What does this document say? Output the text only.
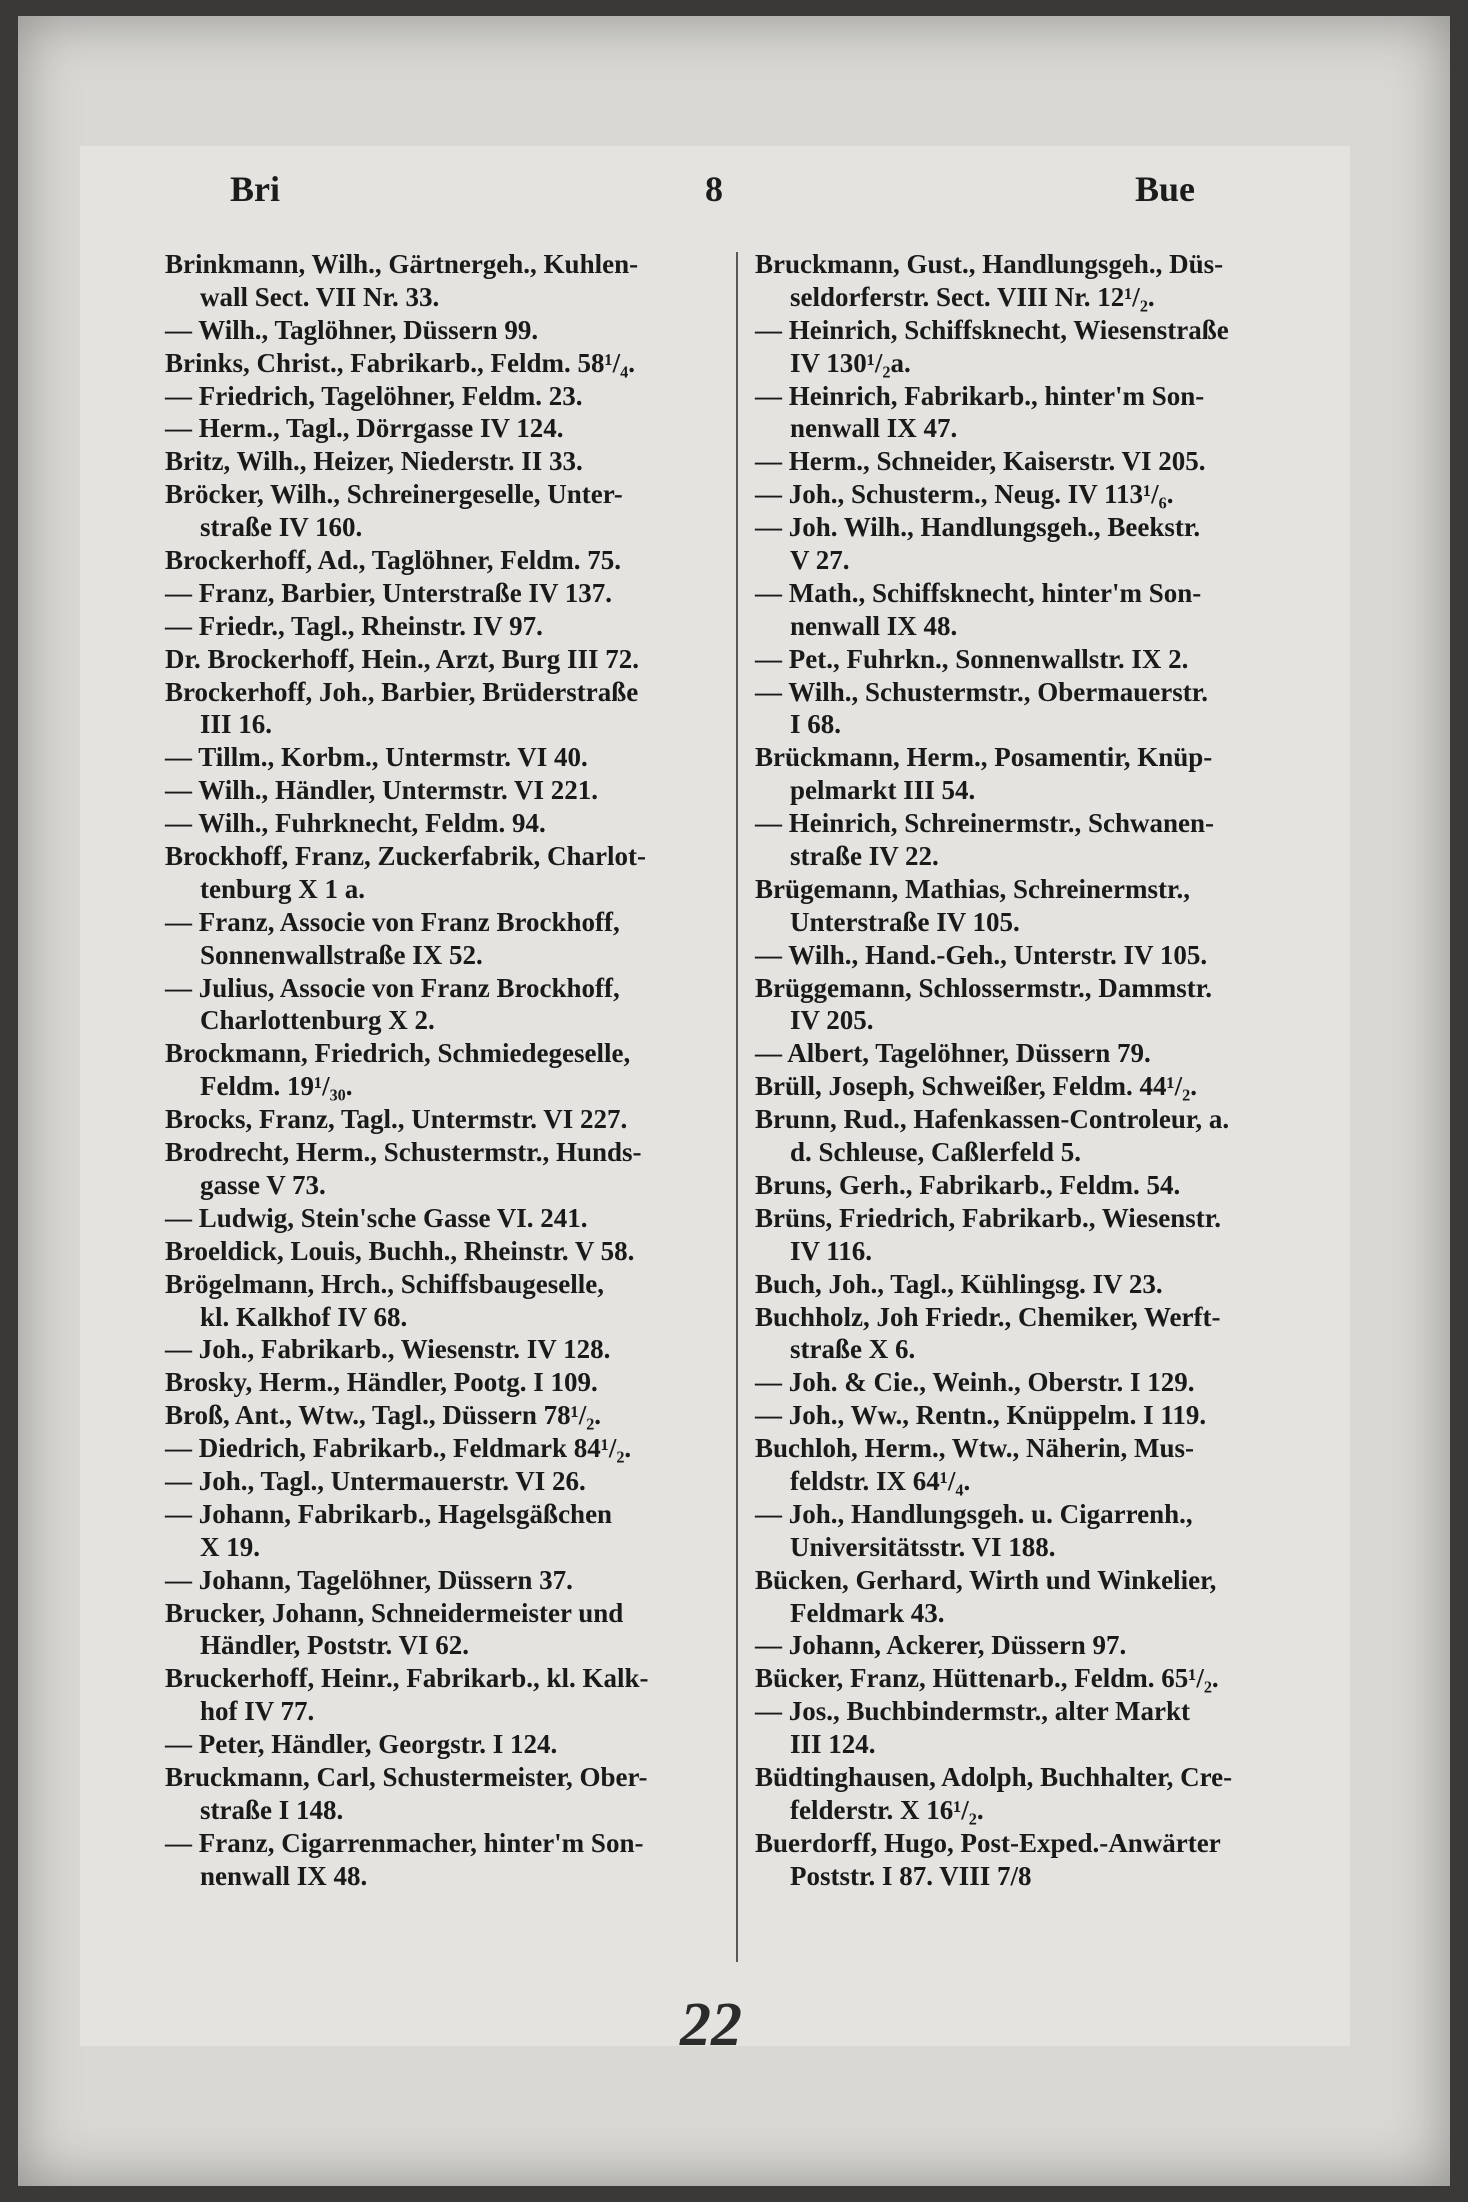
Bri	8	Bue
Brinkmann, Wilh., Gärtnergeh., Kuhlen-
wall Sect. VII Nr. 33.
— Wilh., Taglöhner, Düssern 99.
Brinks, Christ., Fabrikarb., Feldm. 58¹/₄.
— Friedrich, Tagelöhner, Feldm. 23.
— Herm., Tagl., Dörrgasse IV 124.
Britz, Wilh., Heizer, Niederstr. II 33.
Bröcker, Wilh., Schreinergeselle, Unter-
straße IV 160.
Brockerhoff, Ad., Taglöhner, Feldm. 75.
— Franz, Barbier, Unterstraße IV 137.
— Friedr., Tagl., Rheinstr. IV 97.
Dr. Brockerhoff, Hein., Arzt, Burg III 72.
Brockerhoff, Joh., Barbier, Brüderstraße
III 16.
— Tillm., Korbm., Untermstr. VI 40.
— Wilh., Händler, Untermstr. VI 221.
— Wilh., Fuhrknecht, Feldm. 94.
Brockhoff, Franz, Zuckerfabrik, Charlot-
tenburg X 1 a.
— Franz, Associe von Franz Brockhoff,
Sonnenwallstraße IX 52.
— Julius, Associe von Franz Brockhoff,
Charlottenburg X 2.
Brockmann, Friedrich, Schmiedegeselle,
Feldm. 19¹/₃₀.
Brocks, Franz, Tagl., Untermstr. VI 227.
Brodrecht, Herm., Schustermstr., Hunds-
gasse V 73.
— Ludwig, Stein'sche Gasse VI. 241.
Broeldick, Louis, Buchh., Rheinstr. V 58.
Brögelmann, Hrch., Schiffsbaugeselle,
kl. Kalkhof IV 68.
— Joh., Fabrikarb., Wiesenstr. IV 128.
Brosky, Herm., Händler, Pootg. I 109.
Broß, Ant., Wtw., Tagl., Düssern 78¹/₂.
— Diedrich, Fabrikarb., Feldmark 84¹/₂.
— Joh., Tagl., Untermauerstr. VI 26.
— Johann, Fabrikarb., Hagelsgäßchen
X 19.
— Johann, Tagelöhner, Düssern 37.
Brucker, Johann, Schneidermeister und
Händler, Poststr. VI 62.
Bruckerhoff, Heinr., Fabrikarb., kl. Kalk-
hof IV 77.
— Peter, Händler, Georgstr. I 124.
Bruckmann, Carl, Schustermeister, Ober-
straße I 148.
— Franz, Cigarrenmacher, hinter'm Son-
nenwall IX 48.
Bruckmann, Gust., Handlungsgeh., Düs-
seldorferstr. Sect. VIII Nr. 12¹/₂.
— Heinrich, Schiffsknecht, Wiesenstraße
IV 130¹/₂a.
— Heinrich, Fabrikarb., hinter'm Son-
nenwall IX 47.
— Herm., Schneider, Kaiserstr. VI 205.
— Joh., Schusterm., Neug. IV 113¹/₆.
— Joh. Wilh., Handlungsgeh., Beekstr.
V 27.
— Math., Schiffsknecht, hinter'm Son-
nenwall IX 48.
— Pet., Fuhrkn., Sonnenwallstr. IX 2.
— Wilh., Schustermstr., Obermauerstr.
I 68.
Brückmann, Herm., Posamentir, Knüp-
pelmarkt III 54.
— Heinrich, Schreinermstr., Schwanen-
straße IV 22.
Brügemann, Mathias, Schreinermstr.,
Unterstraße IV 105.
— Wilh., Hand.-Geh., Unterstr. IV 105.
Brüggemann, Schlossermstr., Dammstr.
IV 205.
— Albert, Tagelöhner, Düssern 79.
Brüll, Joseph, Schweißer, Feldm. 44¹/₂.
Brunn, Rud., Hafenkassen-Controleur, a.
d. Schleuse, Caßlerfeld 5.
Bruns, Gerh., Fabrikarb., Feldm. 54.
Brüns, Friedrich, Fabrikarb., Wiesenstr.
IV 116.
Buch, Joh., Tagl., Kühlingsg. IV 23.
Buchholz, Joh Friedr., Chemiker, Werft-
straße X 6.
— Joh. & Cie., Weinh., Oberstr. I 129.
— Joh., Ww., Rentn., Knüppelm. I 119.
Buchloh, Herm., Wtw., Näherin, Mus-
feldstr. IX 64¹/₄.
— Joh., Handlungsgeh. u. Cigarrenh.,
Universitätsstr. VI 188.
Bücken, Gerhard, Wirth und Winkelier,
Feldmark 43.
— Johann, Ackerer, Düssern 97.
Bücker, Franz, Hüttenarb., Feldm. 65¹/₂.
— Jos., Buchbindermstr., alter Markt
III 124.
Büdtinghausen, Adolph, Buchhalter, Cre-
felderstr. X 16¹/₂.
Buerdorff, Hugo, Post-Exped.-Anwärter
Poststr. I 87. VIII 7/8
22
